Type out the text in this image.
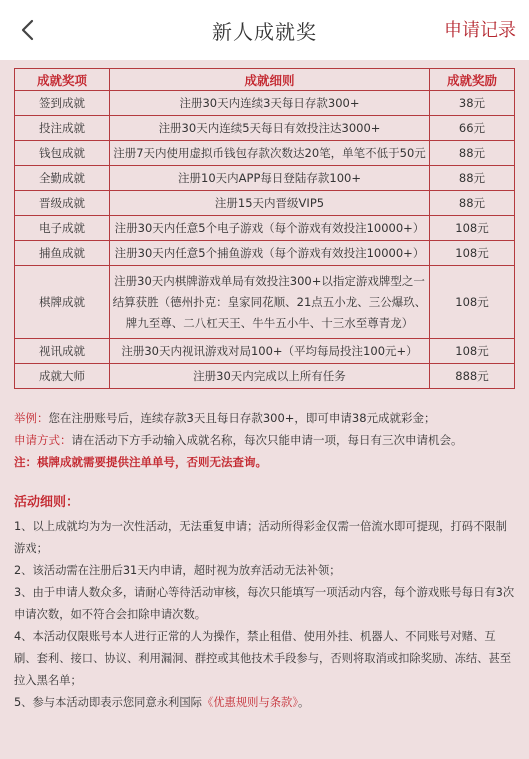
新人成就奖	申请记录
成就奖项	成就细则	成就奖励
签到成就	注册30天内连续3天每日存款300+	38元
投注成就	注册30天内连续5天每日有效投注达3000+	66元
钱包成就	注册7天内使用虚拟币钱包存款次数达20笔，单笔不低于50元	88元
全勤成就	注册10天内APP每日登陆存款100+	88元
晋级成就	注册15天内晋级VIP5	88元
电子成就	注册30天内任意5个电子游戏（每个游戏有效投注10000+）	108元
捕鱼成就	注册30天内任意5个捕鱼游戏（每个游戏有效投注10000+）	108元
棋牌成就	注册30天内棋牌游戏单局有效投注300+以指定游戏牌型之一结算获胜（德州扑克：皇家同花顺、21点五小龙、三公爆玖、牌九至尊、二八杠天王、牛牛五小牛、十三水至尊青龙）	108元
视讯成就	注册30天内视讯游戏对局100+（平均每局投注100元+）	108元
成就大师	注册30天内完成以上所有任务	888元
举例：您在注册账号后，连续存款3天且每日存款300+，即可申请38元成就彩金；
申请方式：请在活动下方手动输入成就名称，每次只能申请一项，每日有三次申请机会。
注：棋牌成就需要提供注单单号，否则无法查询。
活动细则：

1、以上成就均为为一次性活动，无法重复申请；活动所得彩金仅需一倍流水即可提现，打码不限制游戏；

2、该活动需在注册后31天内申请，超时视为放弃活动无法补领；

3、由于申请人数众多，请耐心等待活动审核，每次只能填写一项活动内容，每个游戏账号每日有3次申请次数，如不符合会扣除申请次数。

4、本活动仅限账号本人进行正常的人为操作，禁止租借、使用外挂、机器人、不同账号对赌、互刷、套利、接口、协议、利用漏洞、群控或其他技术手段参与，否则将取消或扣除奖励、冻结、甚至拉入黑名单；

5、参与本活动即表示您同意永利国际《优惠规则与条款》。
